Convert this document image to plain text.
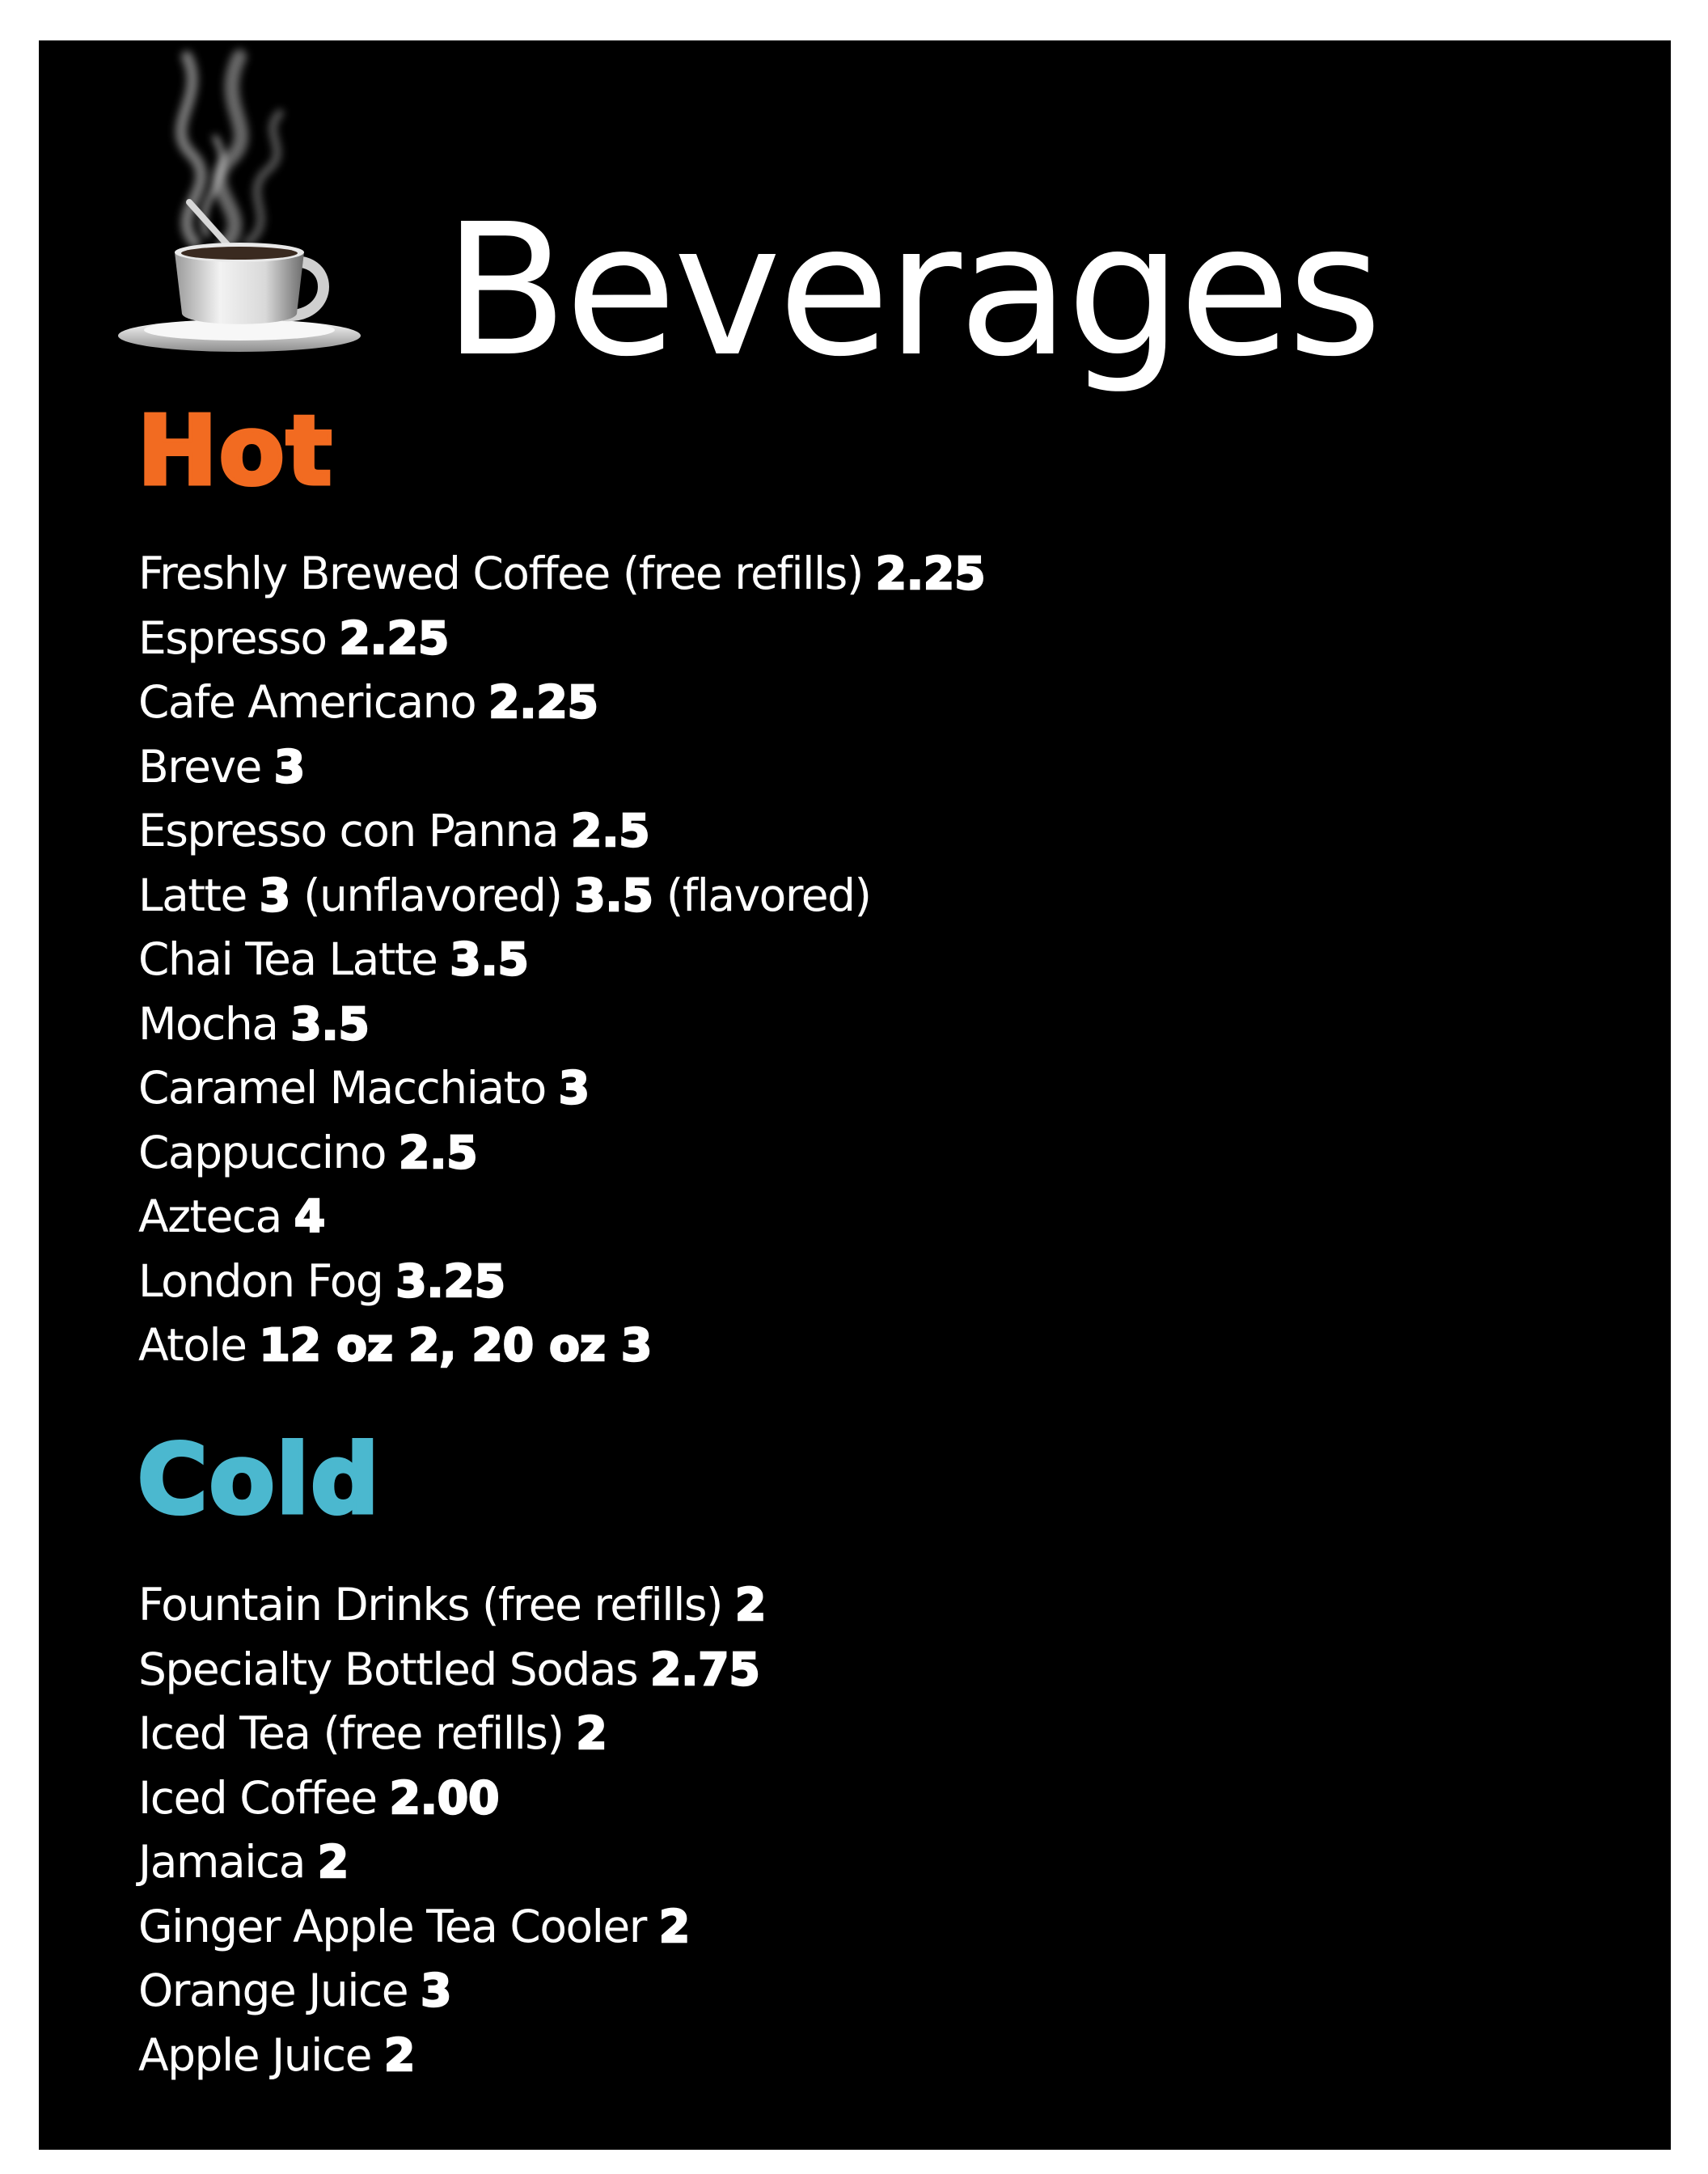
Beverages
Hot
Freshly Brewed Coffee (free refills) 2.25
Espresso 2.25
Cafe Americano 2.25
Breve 3
Espresso con Panna 2.5
Latte 3 (unflavored) 3.5 (flavored)
Chai Tea Latte 3.5
Mocha 3.5
Caramel Macchiato 3
Cappuccino 2.5
Azteca 4
London Fog 3.25
Atole 12 oz 2, 20 oz 3
Cold
Fountain Drinks (free refills) 2
Specialty Bottled Sodas 2.75
Iced Tea (free refills) 2
Iced Coffee 2.00
Jamaica 2
Ginger Apple Tea Cooler 2
Orange Juice 3
Apple Juice 2
